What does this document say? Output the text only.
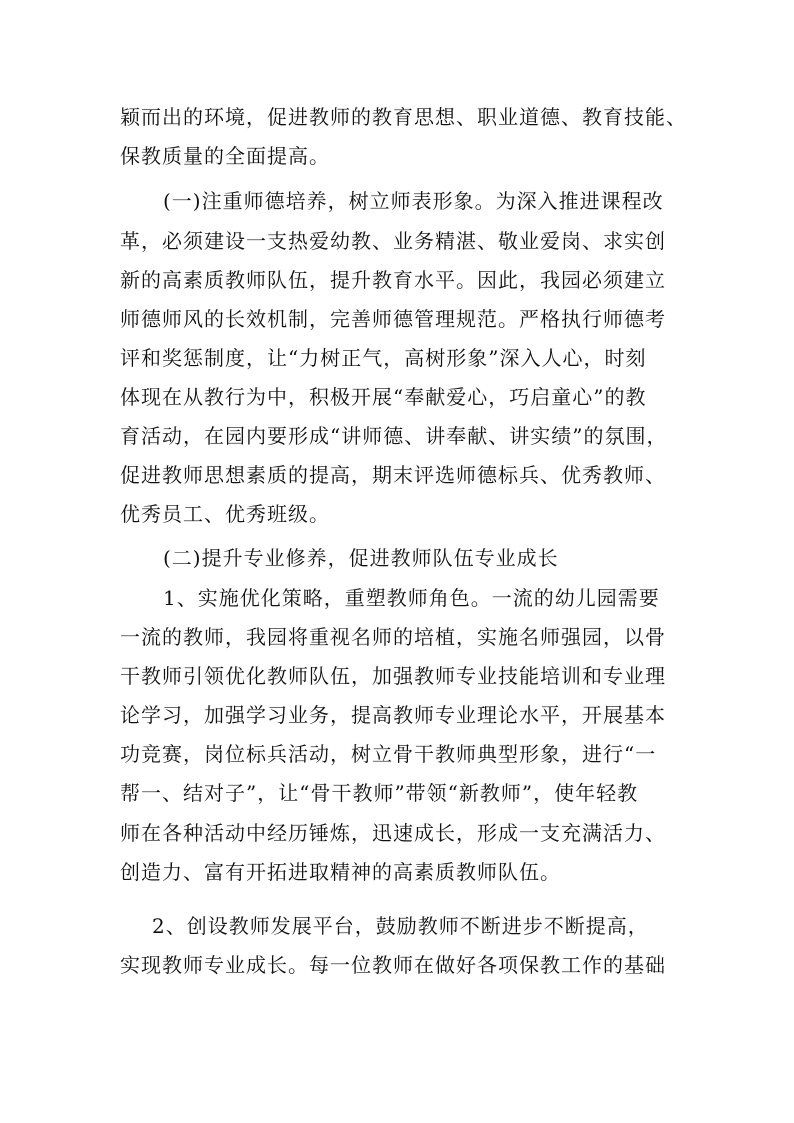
颖而出的环境，促进教师的教育思想、职业道德、教育技能、
保教质量的全面提高。
(一)注重师德培养，树立师表形象。为深入推进课程改
革，必须建设一支热爱幼教、业务精湛、敬业爱岗、求实创
新的高素质教师队伍，提升教育水平。因此，我园必须建立
师德师风的长效机制，完善师德管理规范。严格执行师德考
评和奖惩制度，让“力树正气，高树形象”深入人心，时刻
体现在从教行为中，积极开展“奉献爱心，巧启童心”的教
育活动，在园内要形成“讲师德、讲奉献、讲实绩”的氛围，
促进教师思想素质的提高，期末评选师德标兵、优秀教师、
优秀员工、优秀班级。
(二)提升专业修养，促进教师队伍专业成长
1、实施优化策略，重塑教师角色。一流的幼儿园需要
一流的教师，我园将重视名师的培植，实施名师强园，以骨
干教师引领优化教师队伍，加强教师专业技能培训和专业理
论学习，加强学习业务，提高教师专业理论水平，开展基本
功竞赛，岗位标兵活动，树立骨干教师典型形象，进行“一
帮一、结对子”，让“骨干教师”带领“新教师”，使年轻教
师在各种活动中经历锤炼，迅速成长，形成一支充满活力、
创造力、富有开拓进取精神的高素质教师队伍。
2、创设教师发展平台，鼓励教师不断进步不断提高，
实现教师专业成长。每一位教师在做好各项保教工作的基础
